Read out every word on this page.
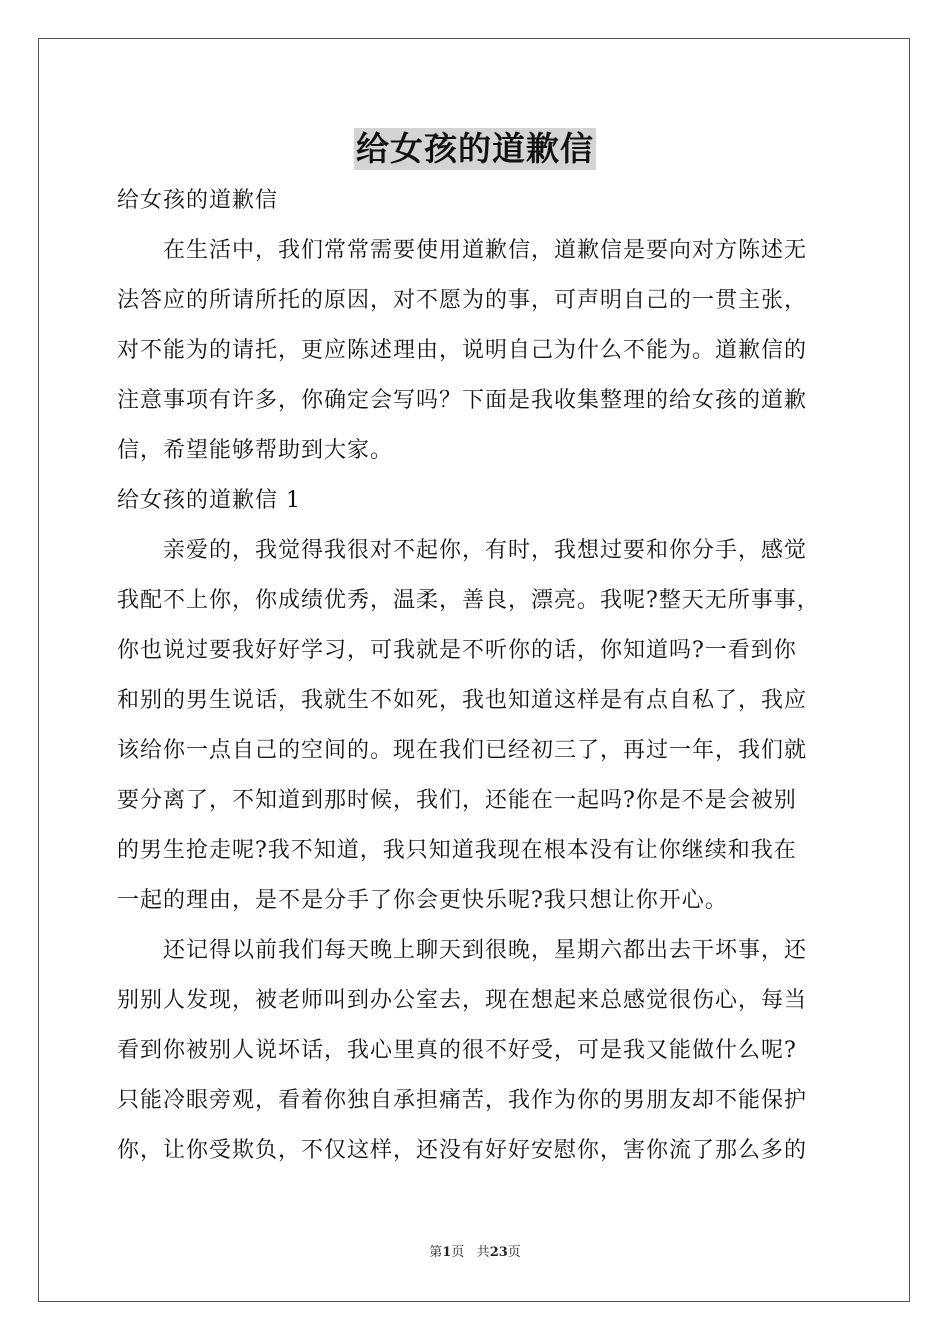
给女孩的道歉信
给女孩的道歉信
在生活中，我们常常需要使用道歉信，道歉信是要向对方陈述无
法答应的所请所托的原因，对不愿为的事，可声明自己的一贯主张，
对不能为的请托，更应陈述理由，说明自己为什么不能为。道歉信的
注意事项有许多，你确定会写吗？下面是我收集整理的给女孩的道歉
信，希望能够帮助到大家。
给女孩的道歉信 1
亲爱的，我觉得我很对不起你，有时，我想过要和你分手，感觉
我配不上你，你成绩优秀，温柔，善良，漂亮。我呢?整天无所事事，
你也说过要我好好学习，可我就是不听你的话，你知道吗?一看到你
和别的男生说话，我就生不如死，我也知道这样是有点自私了，我应
该给你一点自己的空间的。现在我们已经初三了，再过一年，我们就
要分离了，不知道到那时候，我们，还能在一起吗?你是不是会被别
的男生抢走呢?我不知道，我只知道我现在根本没有让你继续和我在
一起的理由，是不是分手了你会更快乐呢?我只想让你开心。
还记得以前我们每天晚上聊天到很晚，星期六都出去干坏事，还
别别人发现，被老师叫到办公室去，现在想起来总感觉很伤心，每当
看到你被别人说坏话，我心里真的很不好受，可是我又能做什么呢?
只能冷眼旁观，看着你独自承担痛苦，我作为你的男朋友却不能保护
你，让你受欺负，不仅这样，还没有好好安慰你，害你流了那么多的
第1页 共23页
